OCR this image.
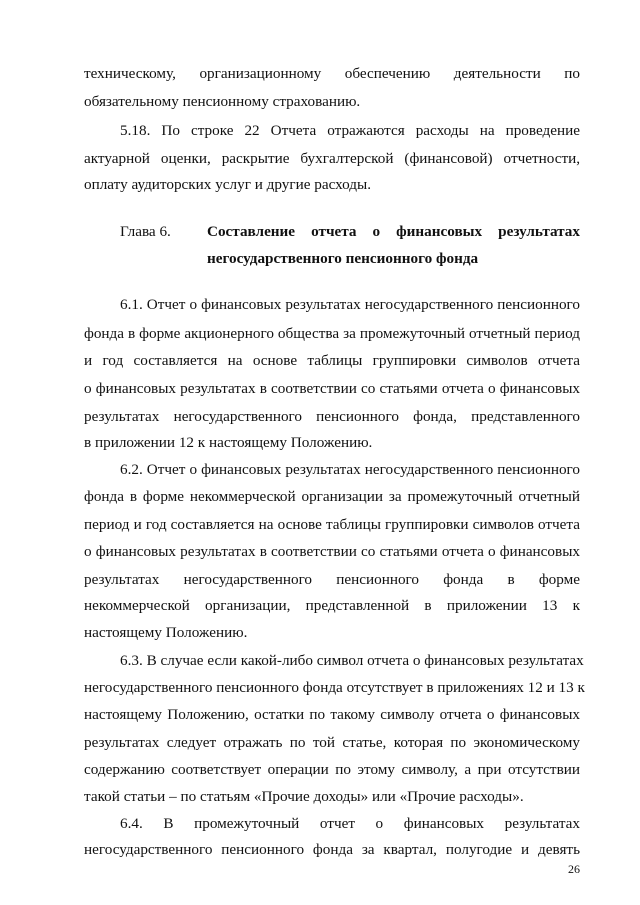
техническому, организационному обеспечению деятельности по
обязательному пенсионному страхованию.
5.18. По строке 22 Отчета отражаются расходы на проведение
актуарной оценки, раскрытие бухгалтерской (финансовой) отчетности,
оплату аудиторских услуг и другие расходы.
Глава 6. Составление отчета о финансовых результатах
негосударственного пенсионного фонда
6.1. Отчет о финансовых результатах негосударственного пенсионного
фонда в форме акционерного общества за промежуточный отчетный период
и год составляется на основе таблицы группировки символов отчета
о финансовых результатах в соответствии со статьями отчета о финансовых
результатах негосударственного пенсионного фонда, представленного
в приложении 12 к настоящему Положению.
6.2. Отчет о финансовых результатах негосударственного пенсионного
фонда в форме некоммерческой организации за промежуточный отчетный
период и год составляется на основе таблицы группировки символов отчета
о финансовых результатах в соответствии со статьями отчета о финансовых
результатах негосударственного пенсионного фонда в форме
некоммерческой организации, представленной в приложении 13 к
настоящему Положению.
6.3. В случае если какой-либо символ отчета о финансовых результатах
негосударственного пенсионного фонда отсутствует в приложениях 12 и 13 к
настоящему Положению, остатки по такому символу отчета о финансовых
результатах следует отражать по той статье, которая по экономическому
содержанию соответствует операции по этому символу, а при отсутствии
такой статьи – по статьям «Прочие доходы» или «Прочие расходы».
6.4. В промежуточный отчет о финансовых результатах
негосударственного пенсионного фонда за квартал, полугодие и девять
26
